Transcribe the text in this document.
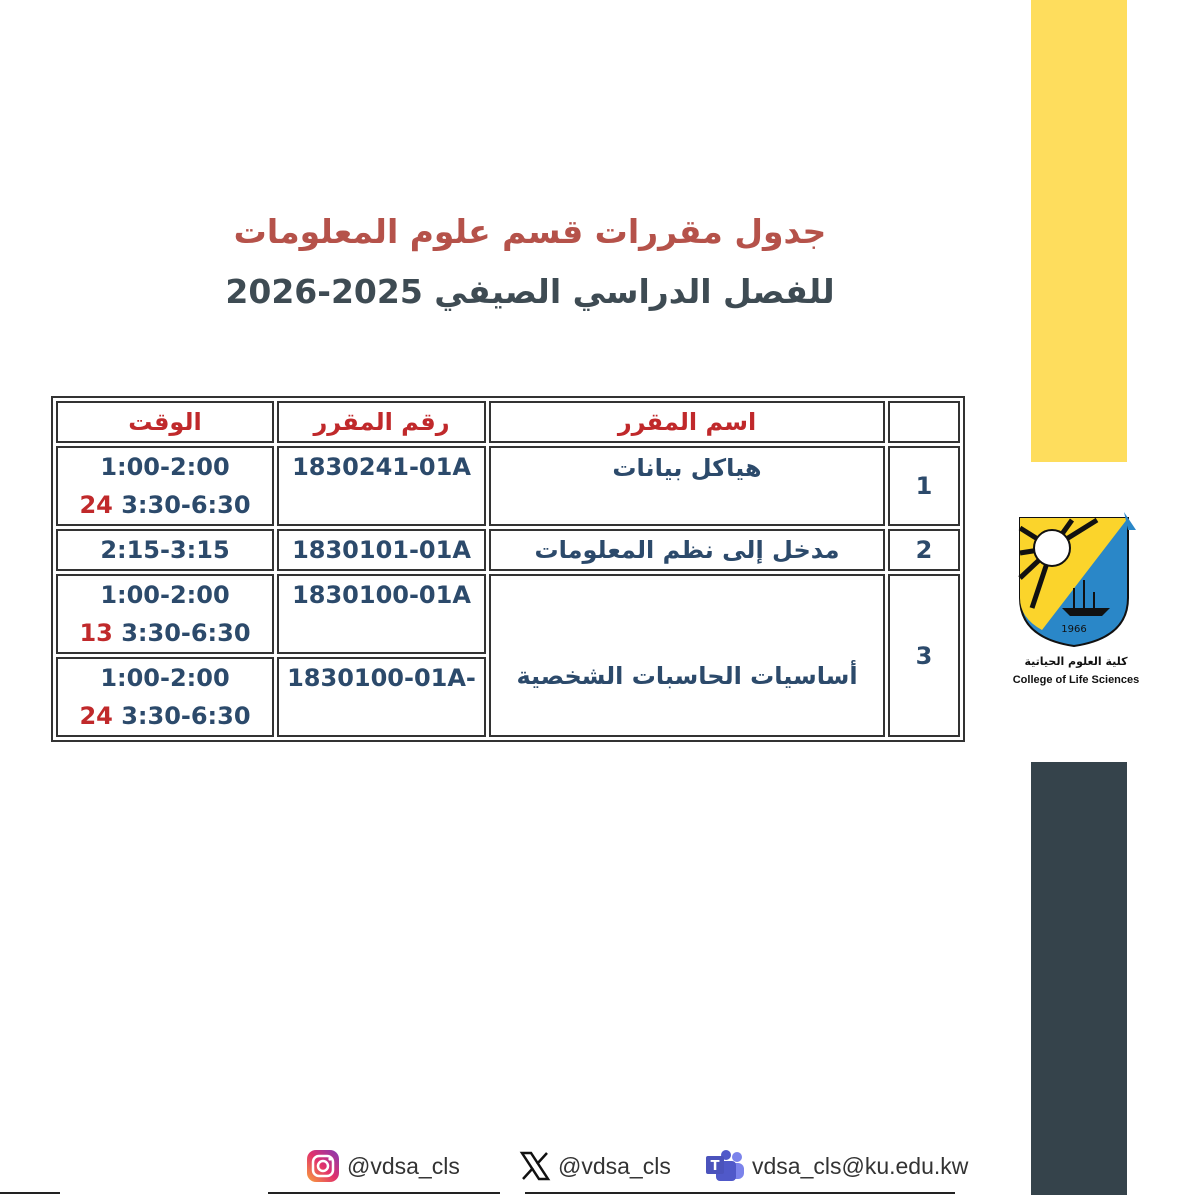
جدول مقررات قسم علوم المعلومات
للفصل الدراسي الصيفي 2025-2026
الوقت	رقم المقرر	اسم المقرر	

1:00-2:00
24 3:30-6:30	1830241-01A	هياكل بيانات	1

2:15-3:15	1830101-01A	مدخل إلى نظم المعلومات	2

1:00-2:00
13 3:30-6:30	1830100-01A	أساسيات الحاسبات الشخصية	3

1:00-2:00
24 3:30-6:30	1830100-01A-		
1966
كلية العلوم الحياتية
College of Life Sciences
@vdsa_cls	@vdsa_cls	T vdsa_cls@ku.edu.kw
